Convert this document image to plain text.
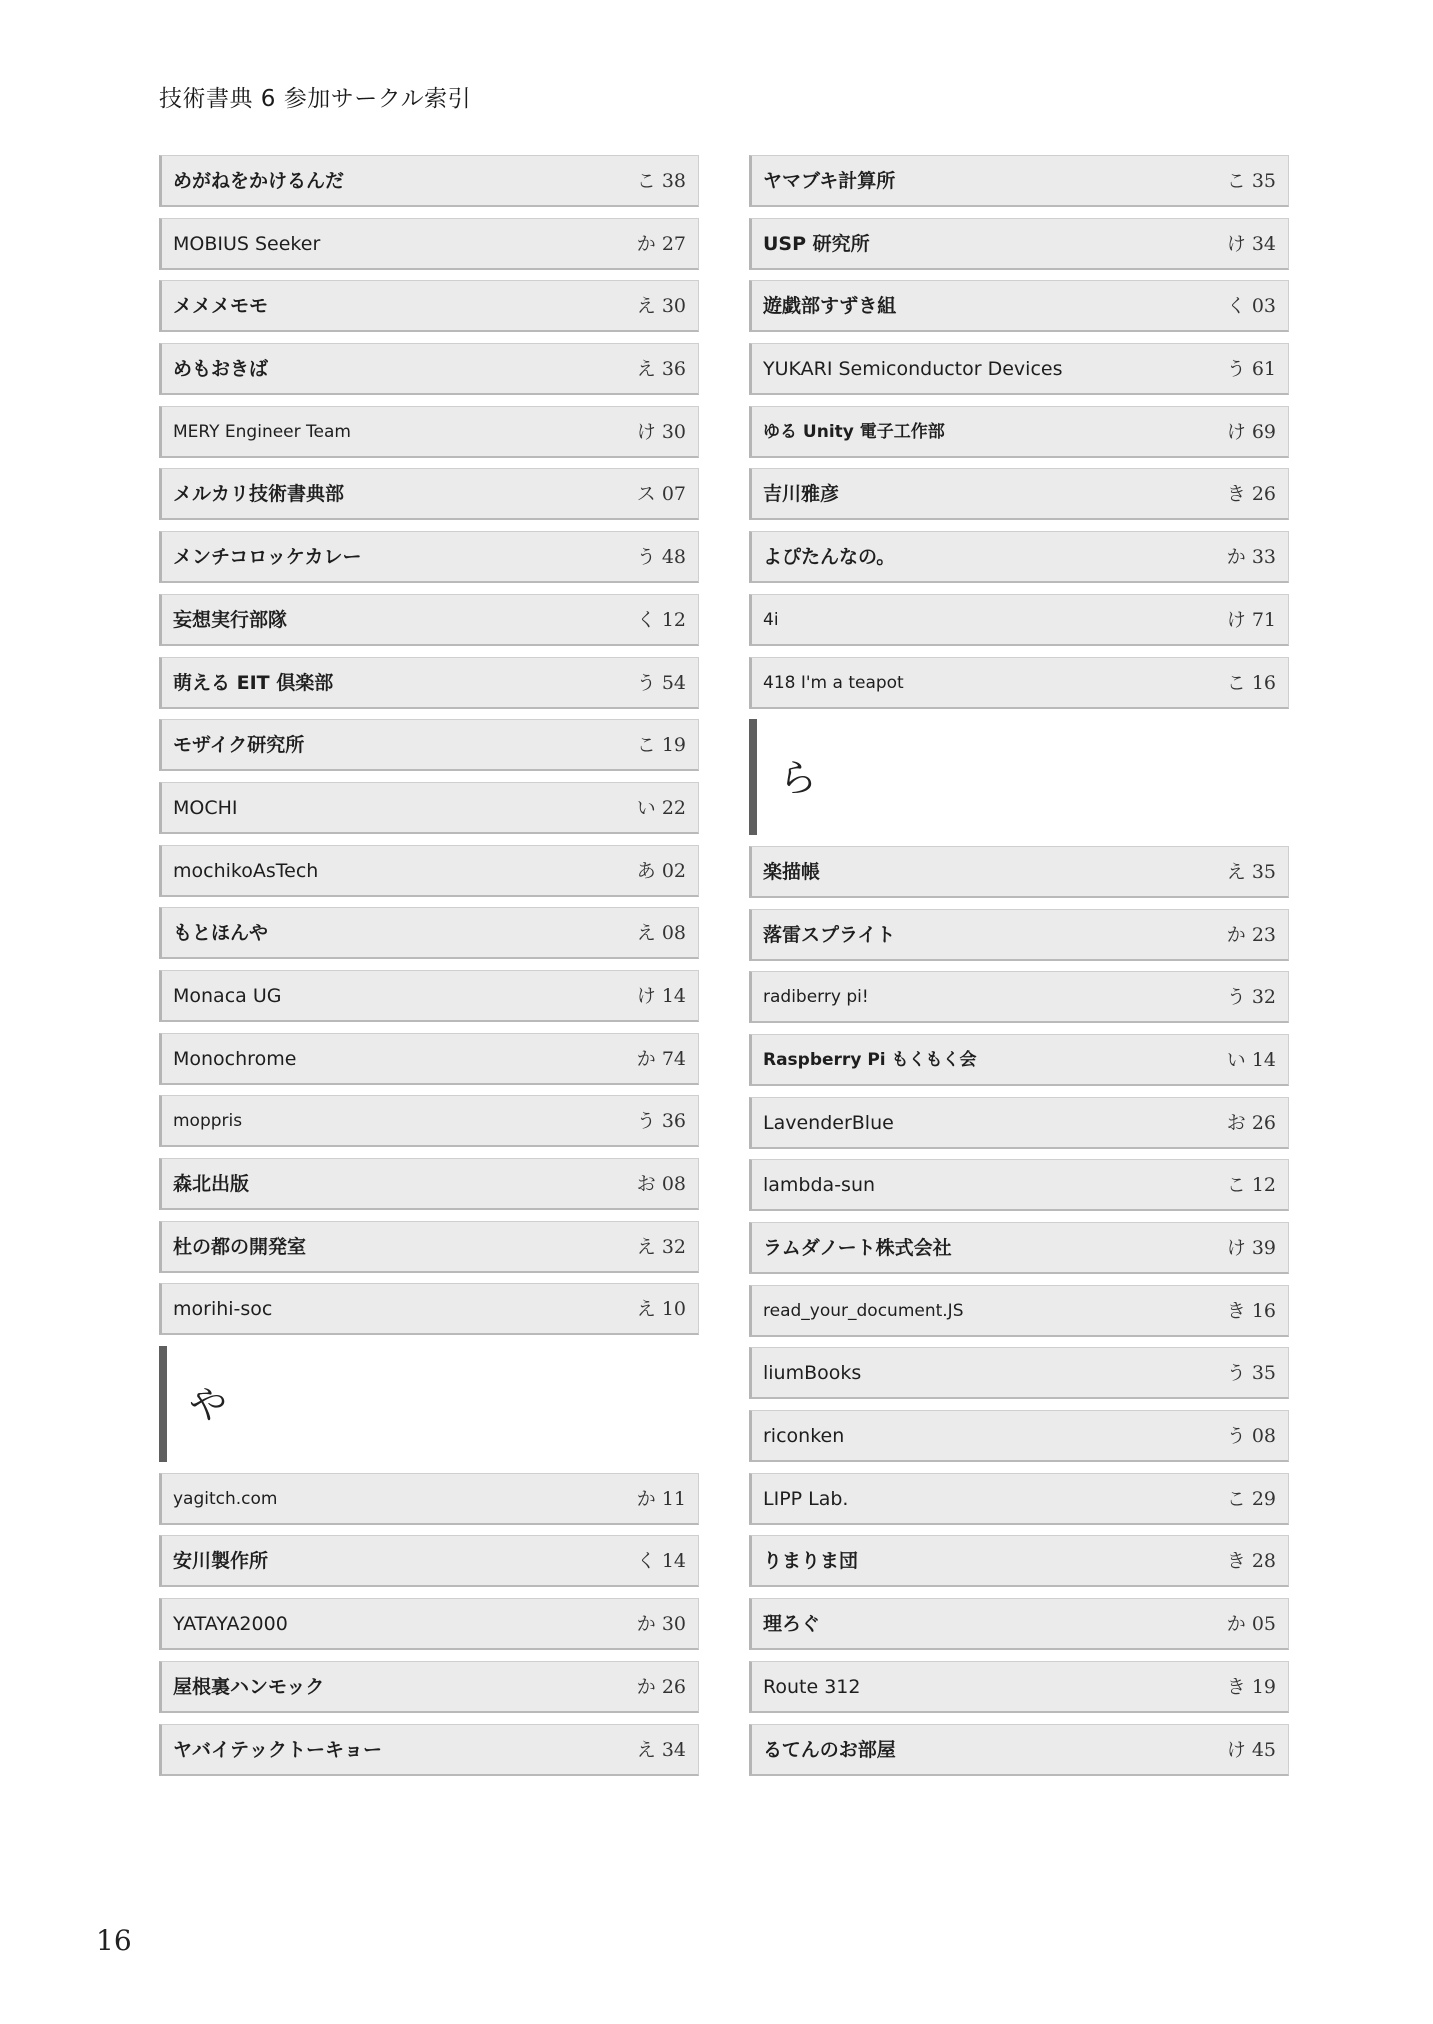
技術書典 6 参加サークル索引
めがねをかけるんだ	こ 38
MOBIUS Seeker	か 27
メメメモモ	え 30
めもおきば	え 36
MERY Engineer Team	け 30
メルカリ技術書典部	ス 07
メンチコロッケカレー	う 48
妄想実行部隊	く 12
萌える EIT 倶楽部	う 54
モザイク研究所	こ 19
MOCHI	い 22
mochikoAsTech	あ 02
もとほんや	え 08
Monaca UG	け 14
Monochrome	か 74
moppris	う 36
森北出版	お 08
杜の都の開発室	え 32
morihi-soc	え 10
や
yagitch.com	か 11
安川製作所	く 14
YATAYA2000	か 30
屋根裏ハンモック	か 26
ヤバイテックトーキョー	え 34
ヤマブキ計算所	こ 35
USP 研究所	け 34
遊戯部すずき組	く 03
YUKARI Semiconductor Devices	う 61
ゆる Unity 電子工作部	け 69
吉川雅彦	き 26
よぴたんなの。	か 33
4i	け 71
418 I'm a teapot	こ 16
ら
楽描帳	え 35
落雷スプライト	か 23
radiberry pi!	う 32
Raspberry Pi もくもく会	い 14
LavenderBlue	お 26
lambda-sun	こ 12
ラムダノート株式会社	け 39
read_your_document.JS	き 16
liumBooks	う 35
riconken	う 08
LIPP Lab.	こ 29
りまりま団	き 28
理ろぐ	か 05
Route 312	き 19
るてんのお部屋	け 45
16
